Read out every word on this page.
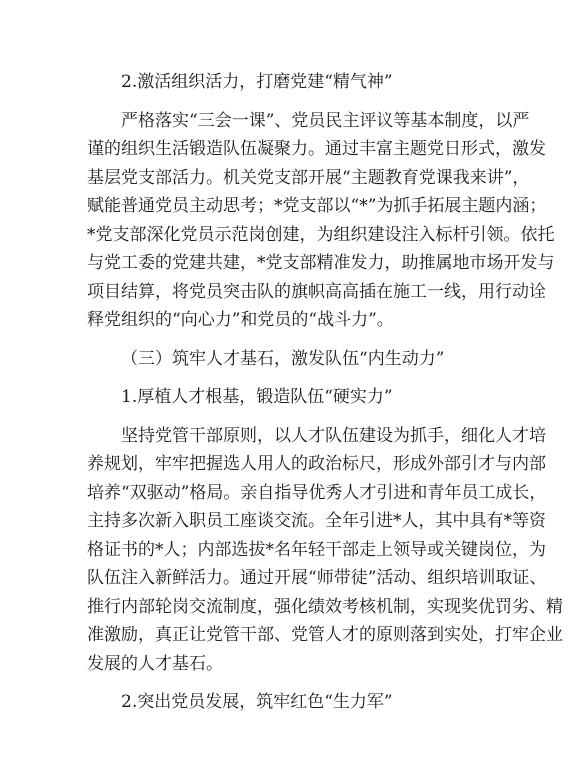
2.激活组织活力，打磨党建“精气神”
严格落实“三会一课”、党员民主评议等基本制度，以严
谨的组织生活锻造队伍凝聚力。通过丰富主题党日形式，激发
基层党支部活力。机关党支部开展“主题教育党课我来讲”，
赋能普通党员主动思考；*党支部以“*”为抓手拓展主题内涵；
*党支部深化党员示范岗创建，为组织建设注入标杆引领。依托
与党工委的党建共建，*党支部精准发力，助推属地市场开发与
项目结算，将党员突击队的旗帜高高插在施工一线，用行动诠
释党组织的“向心力”和党员的“战斗力”。
（三）筑牢人才基石，激发队伍“内生动力”
1.厚植人才根基，锻造队伍“硬实力”
坚持党管干部原则，以人才队伍建设为抓手，细化人才培
养规划，牢牢把握选人用人的政治标尺，形成外部引才与内部
培养“双驱动”格局。亲自指导优秀人才引进和青年员工成长，
主持多次新入职员工座谈交流。全年引进*人，其中具有*等资
格证书的*人；内部选拔*名年轻干部走上领导或关键岗位，为
队伍注入新鲜活力。通过开展“师带徒”活动、组织培训取证、
推行内部轮岗交流制度，强化绩效考核机制，实现奖优罚劣、精
准激励，真正让党管干部、党管人才的原则落到实处，打牢企业
发展的人才基石。
2.突出党员发展，筑牢红色“生力军”
